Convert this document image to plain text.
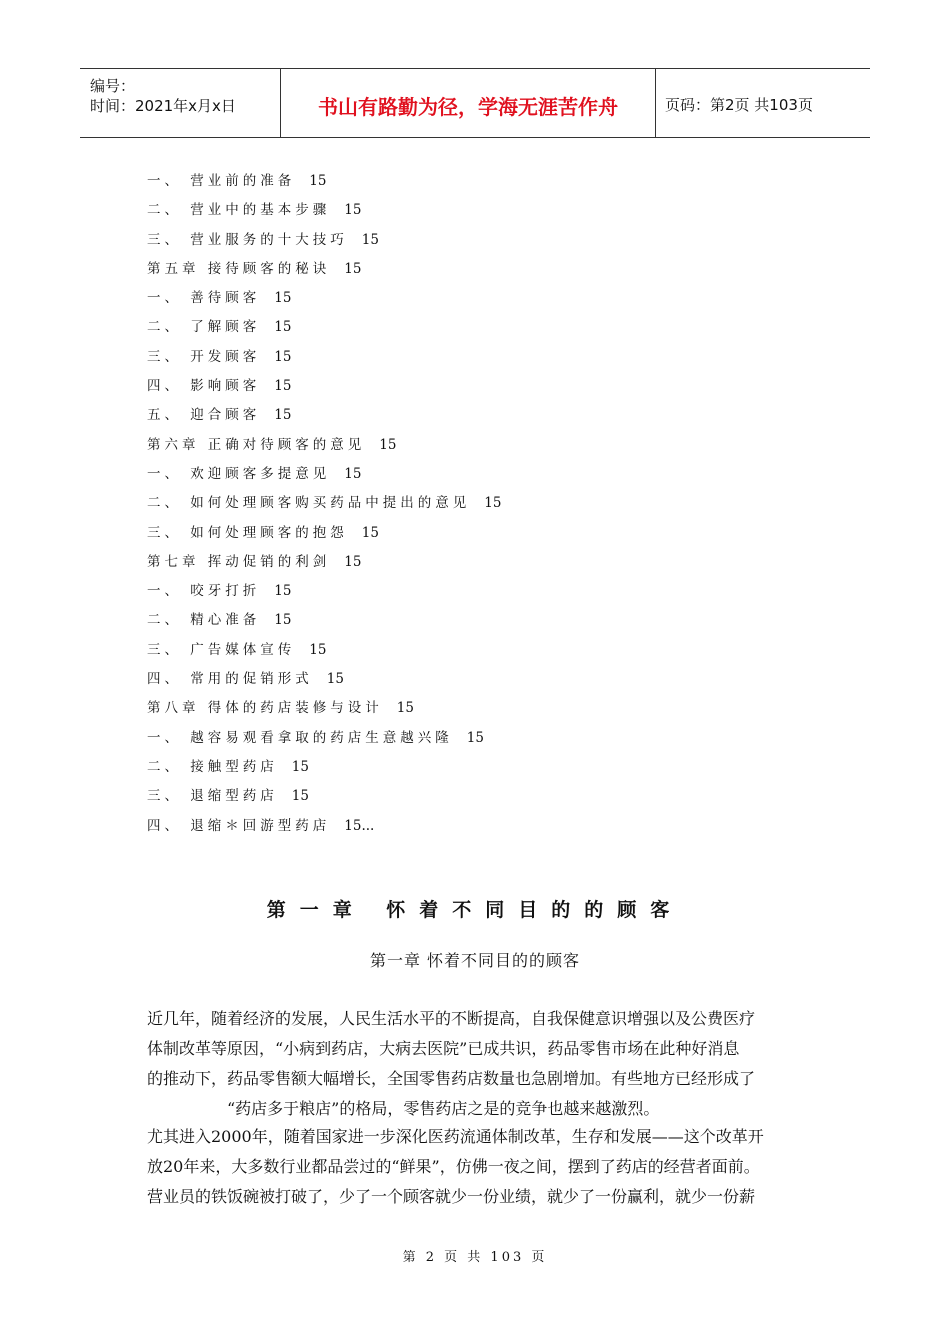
编号：
时间：2021年x月x日	书山有路勤为径，学海无涯苦作舟	页码：第2页 共103页
一、 营业前的准备 15
二、 营业中的基本步骤 15
三、 营业服务的十大技巧 15
第五章 接待顾客的秘诀 15
一、 善待顾客 15
二、 了解顾客 15
三、 开发顾客 15
四、 影响顾客 15
五、 迎合顾客 15
第六章 正确对待顾客的意见 15
一、 欢迎顾客多提意见 15
二、 如何处理顾客购买药品中提出的意见 15
三、 如何处理顾客的抱怨 15
第七章 挥动促销的利剑 15
一、 咬牙打折 15
二、 精心准备 15
三、 广告媒体宣传 15
四、 常用的促销形式 15
第八章 得体的药店装修与设计 15
一、 越容易观看拿取的药店生意越兴隆 15
二、 接触型药店 15
三、 退缩型药店 15
四、 退缩＊回游型药店 15...
第一章 怀着不同目的的顾客
第一章 怀着不同目的的顾客

近几年，随着经济的发展，人民生活水平的不断提高，自我保健意识增强以及公费医疗

体制改革等原因，“小病到药店，大病去医院”已成共识，药品零售市场在此种好消息

的推动下，药品零售额大幅增长，全国零售药店数量也急剧增加。有些地方已经形成了

“药店多于粮店”的格局，零售药店之是的竞争也越来越激烈。

尤其进入2000年，随着国家进一步深化医药流通体制改革，生存和发展——这个改革开

放20年来，大多数行业都品尝过的“鲜果”，仿佛一夜之间，摆到了药店的经营者面前。

营业员的铁饭碗被打破了，少了一个顾客就少一份业绩，就少了一份赢利，就少一份薪

第 2 页 共 103 页
